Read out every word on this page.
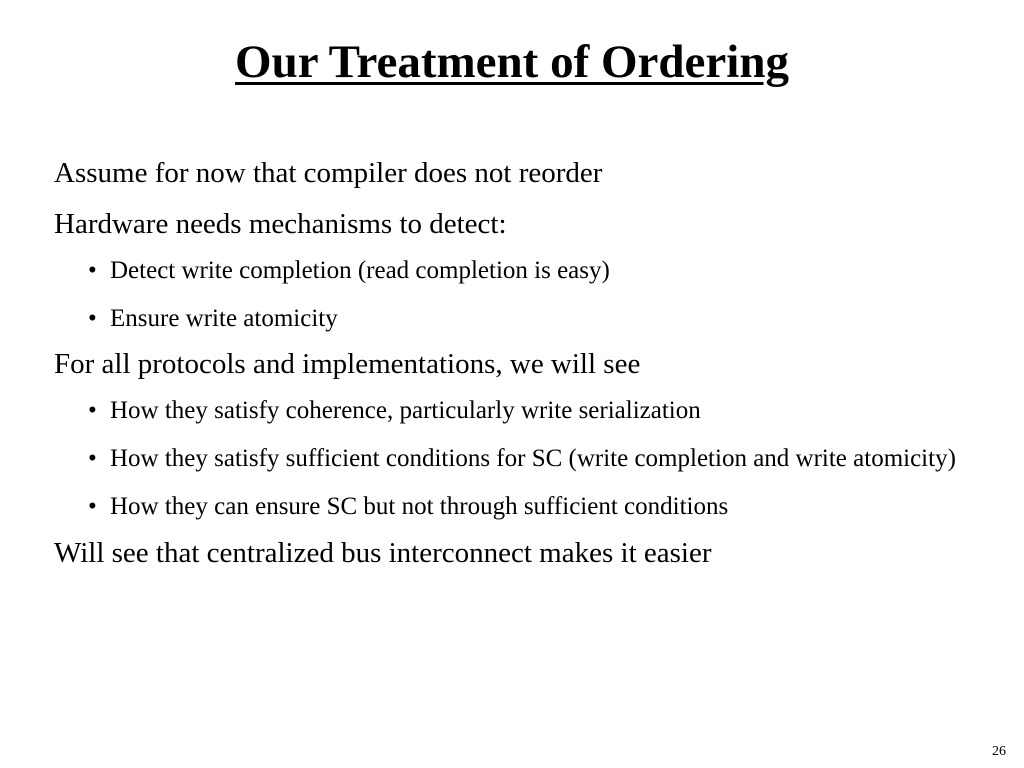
Our Treatment of Ordering

Assume for now that compiler does not reorder

Hardware needs mechanisms to detect:

• Detect write completion (read completion is easy)
• Ensure write atomicity

For all protocols and implementations, we will see

• How they satisfy coherence, particularly write serialization
• How they satisfy sufficient conditions for SC (write completion and write atomicity)
• How they can ensure SC but not through sufficient conditions

Will see that centralized bus interconnect makes it easier

26
